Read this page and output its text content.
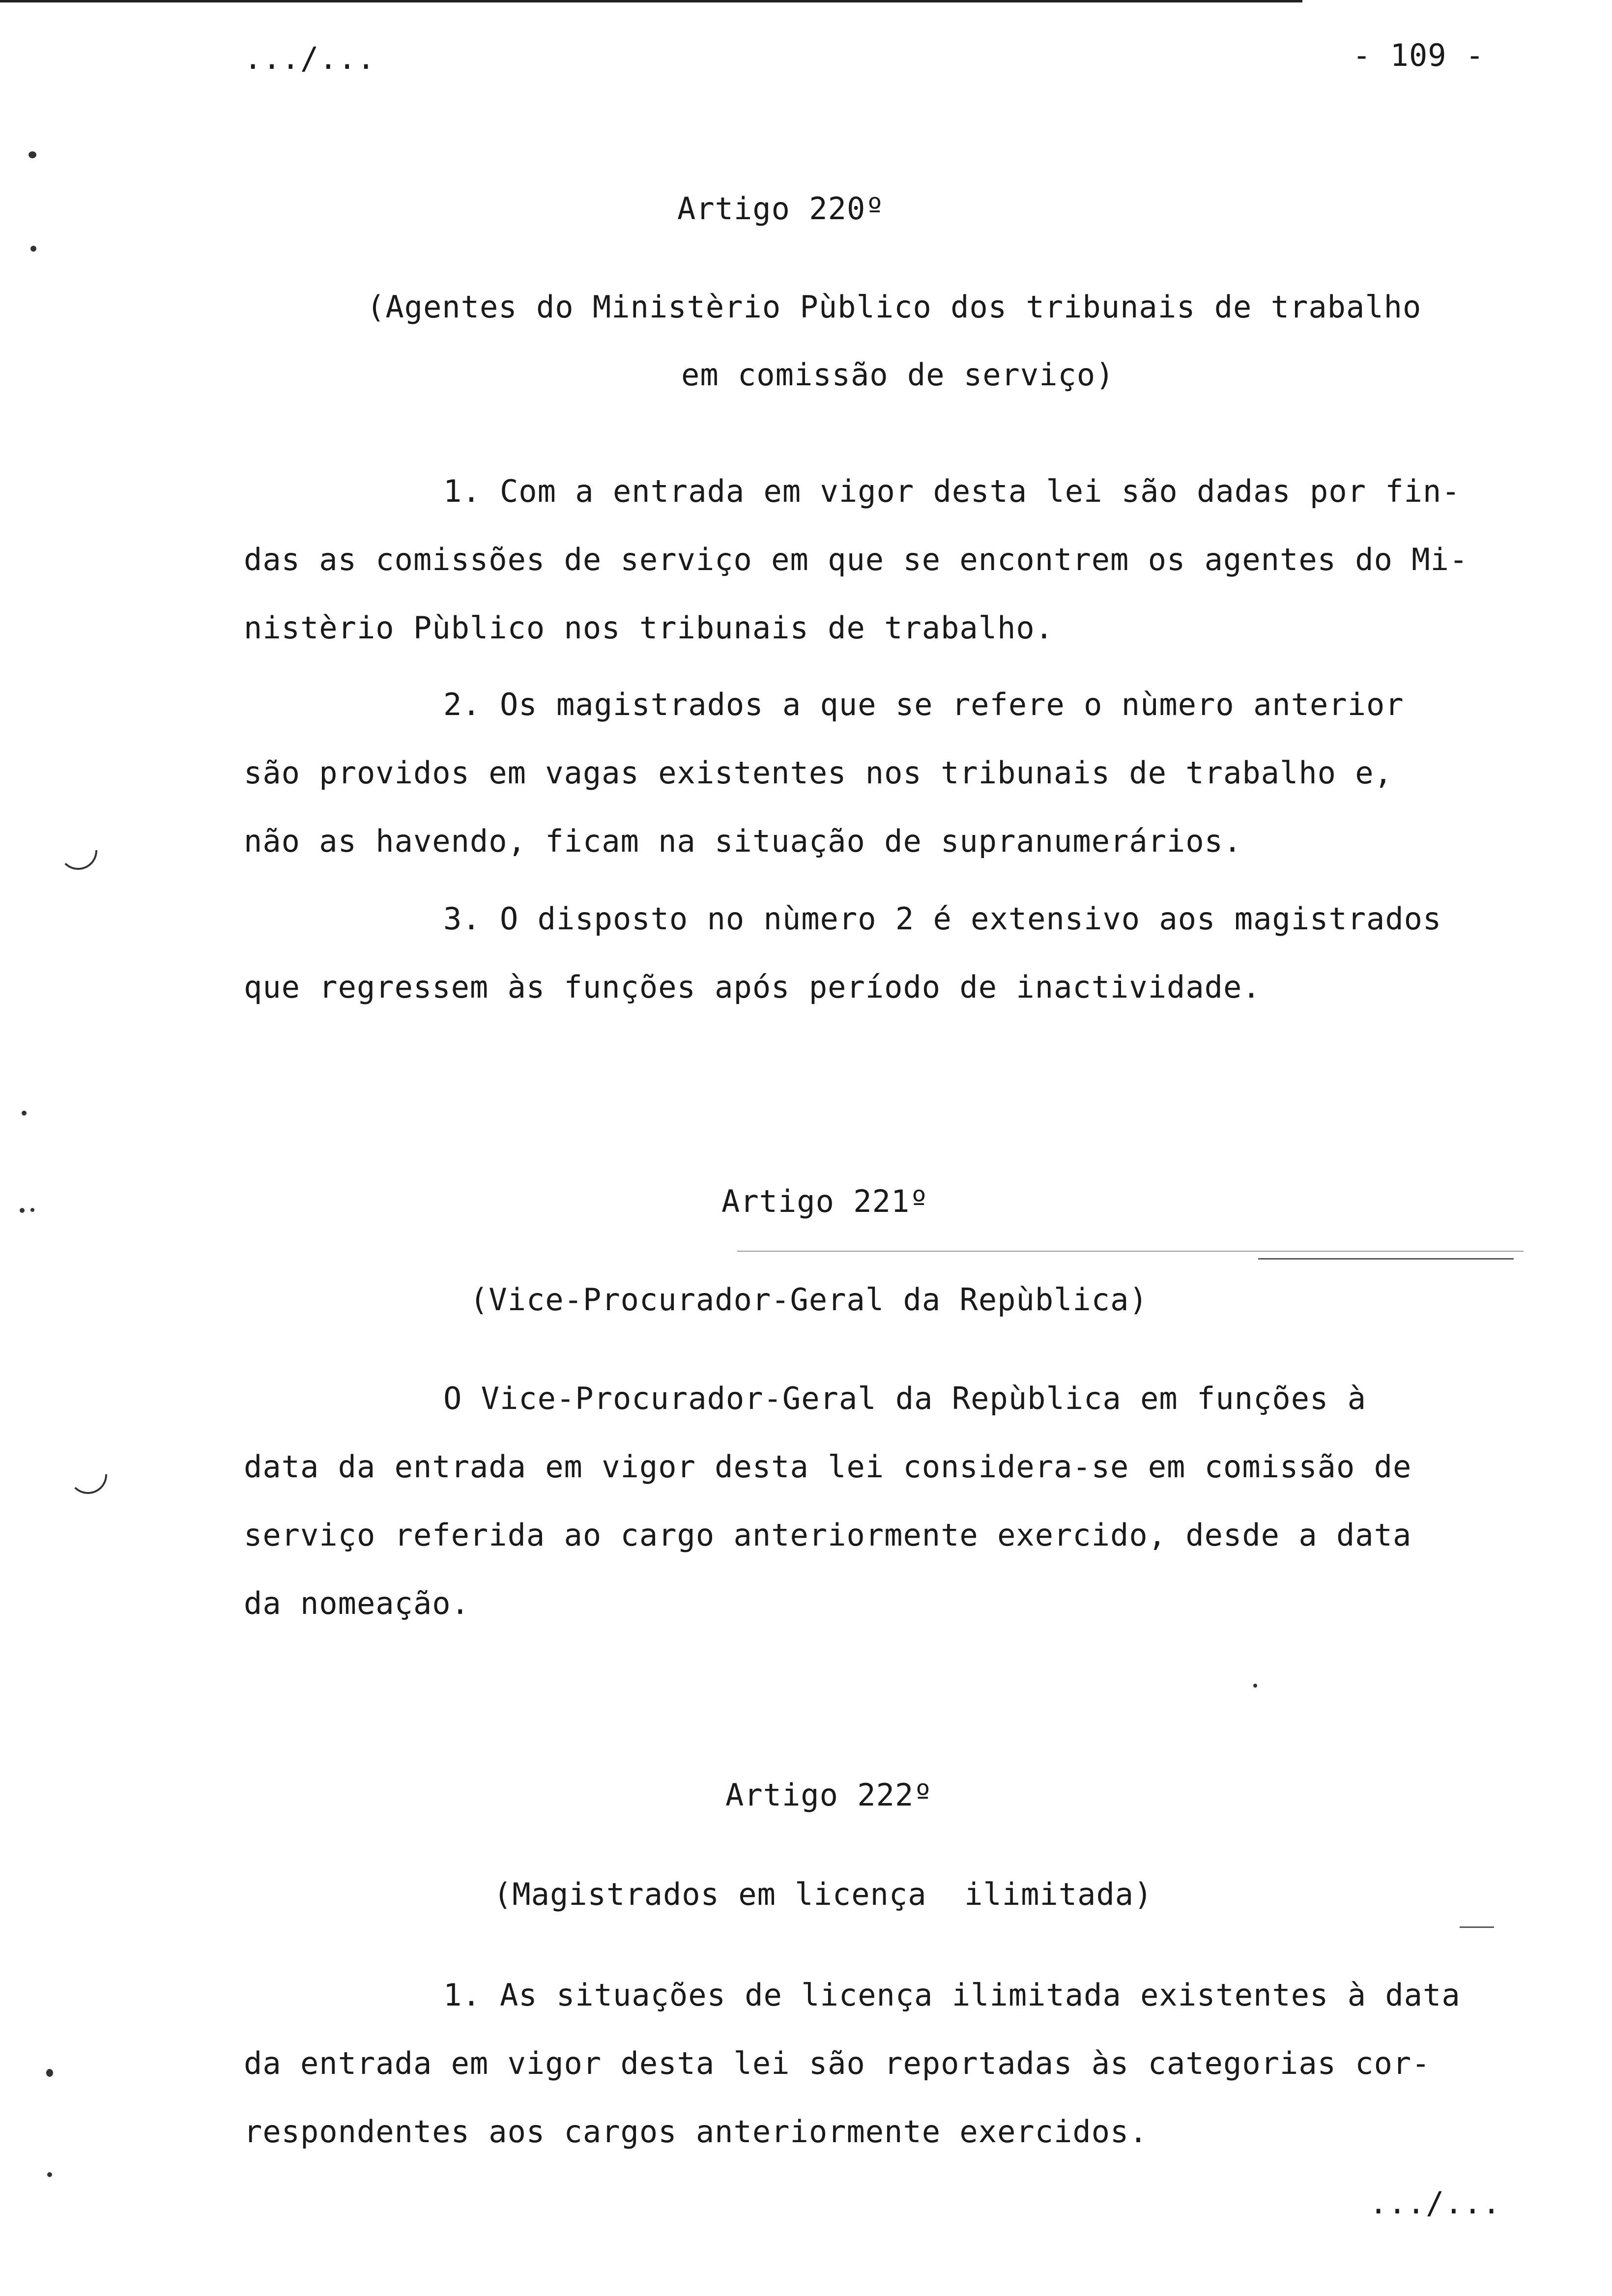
.../...	- 109 -
Artigo 220º
(Agentes do Ministèrio Pùblico dos tribunais de trabalho
em comissão de serviço)
1. Com a entrada em vigor desta lei são dadas por fin-
das as comissões de serviço em que se encontrem os agentes do Mi-
nistèrio Pùblico nos tribunais de trabalho.
2. Os magistrados a que se refere o nùmero anterior
são providos em vagas existentes nos tribunais de trabalho e,
não as havendo, ficam na situação de supranumerários.
3. O disposto no nùmero 2 é extensivo aos magistrados
que regressem às funções após período de inactividade.
Artigo 221º
(Vice-Procurador-Geral da Repùblica)
O Vice-Procurador-Geral da Repùblica em funções à
data da entrada em vigor desta lei considera-se em comissão de
serviço referida ao cargo anteriormente exercido, desde a data
da nomeação.
Artigo 222º
(Magistrados em licença  ilimitada)
1. As situações de licença ilimitada existentes à data
da entrada em vigor desta lei são reportadas às categorias cor-
respondentes aos cargos anteriormente exercidos.
.../...
